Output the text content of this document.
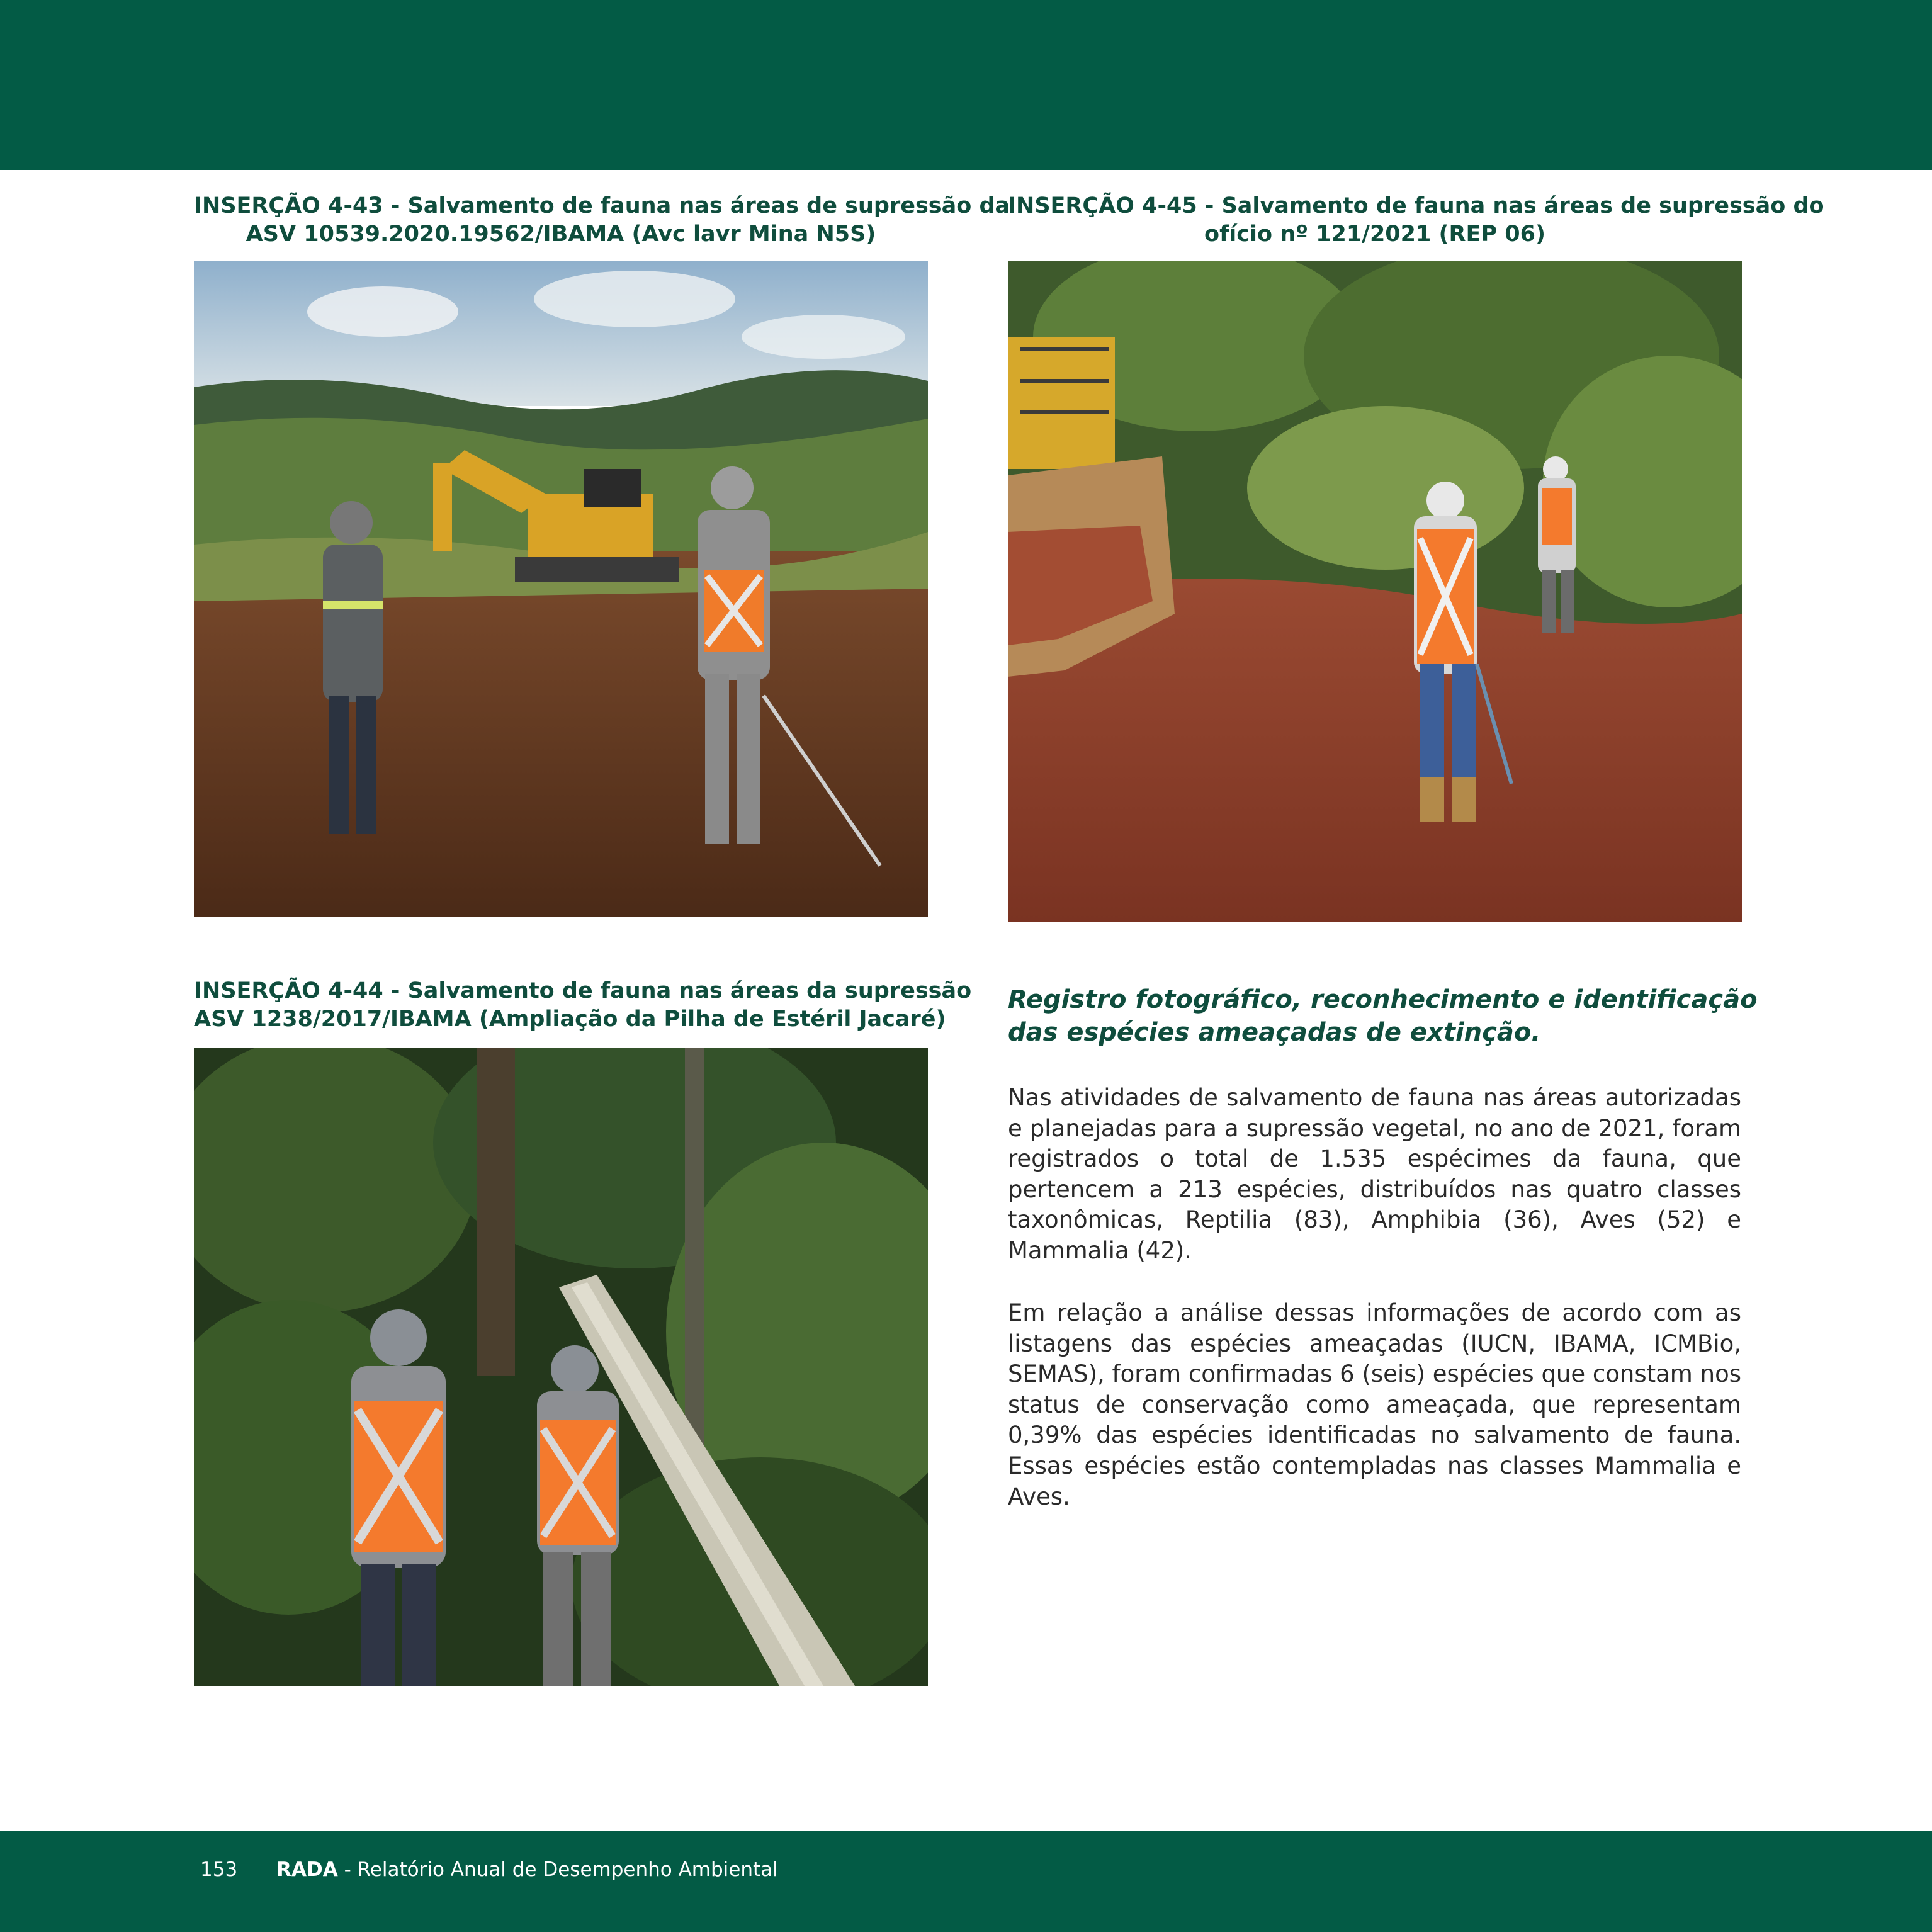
INSERÇÃO 4-43 - Salvamento de fauna nas áreas de supressão da
ASV 10539.2020.19562/IBAMA (Avc lavr Mina N5S)
INSERÇÃO 4-45 - Salvamento de fauna nas áreas de supressão do
ofício nº 121/2021 (REP 06)
INSERÇÃO 4-44 - Salvamento de fauna nas áreas da supressão
ASV 1238/2017/IBAMA (Ampliação da Pilha de Estéril Jacaré)
Registro fotográfico, reconhecimento e identificação
das espécies ameaçadas de extinção.
Nas atividades de salvamento de fauna nas áreas autorizadas e planejadas para a supressão vegetal, no ano de 2021, foram registrados o total de 1.535 espécimes da fauna, que pertencem a 213 espécies, distribuídos nas quatro classes taxonômicas, Reptilia (83), Amphibia (36), Aves (52) e Mammalia (42).
Em relação a análise dessas informações de acordo com as listagens das espécies ameaçadas (IUCN, IBAMA, ICMBio, SEMAS), foram confirmadas 6 (seis) espécies que constam nos status de conservação como ameaçada, que representam 0,39% das espécies identificadas no salvamento de fauna. Essas espécies estão contempladas nas classes Mammalia e Aves.
153 RADA - Relatório Anual de Desempenho Ambiental
